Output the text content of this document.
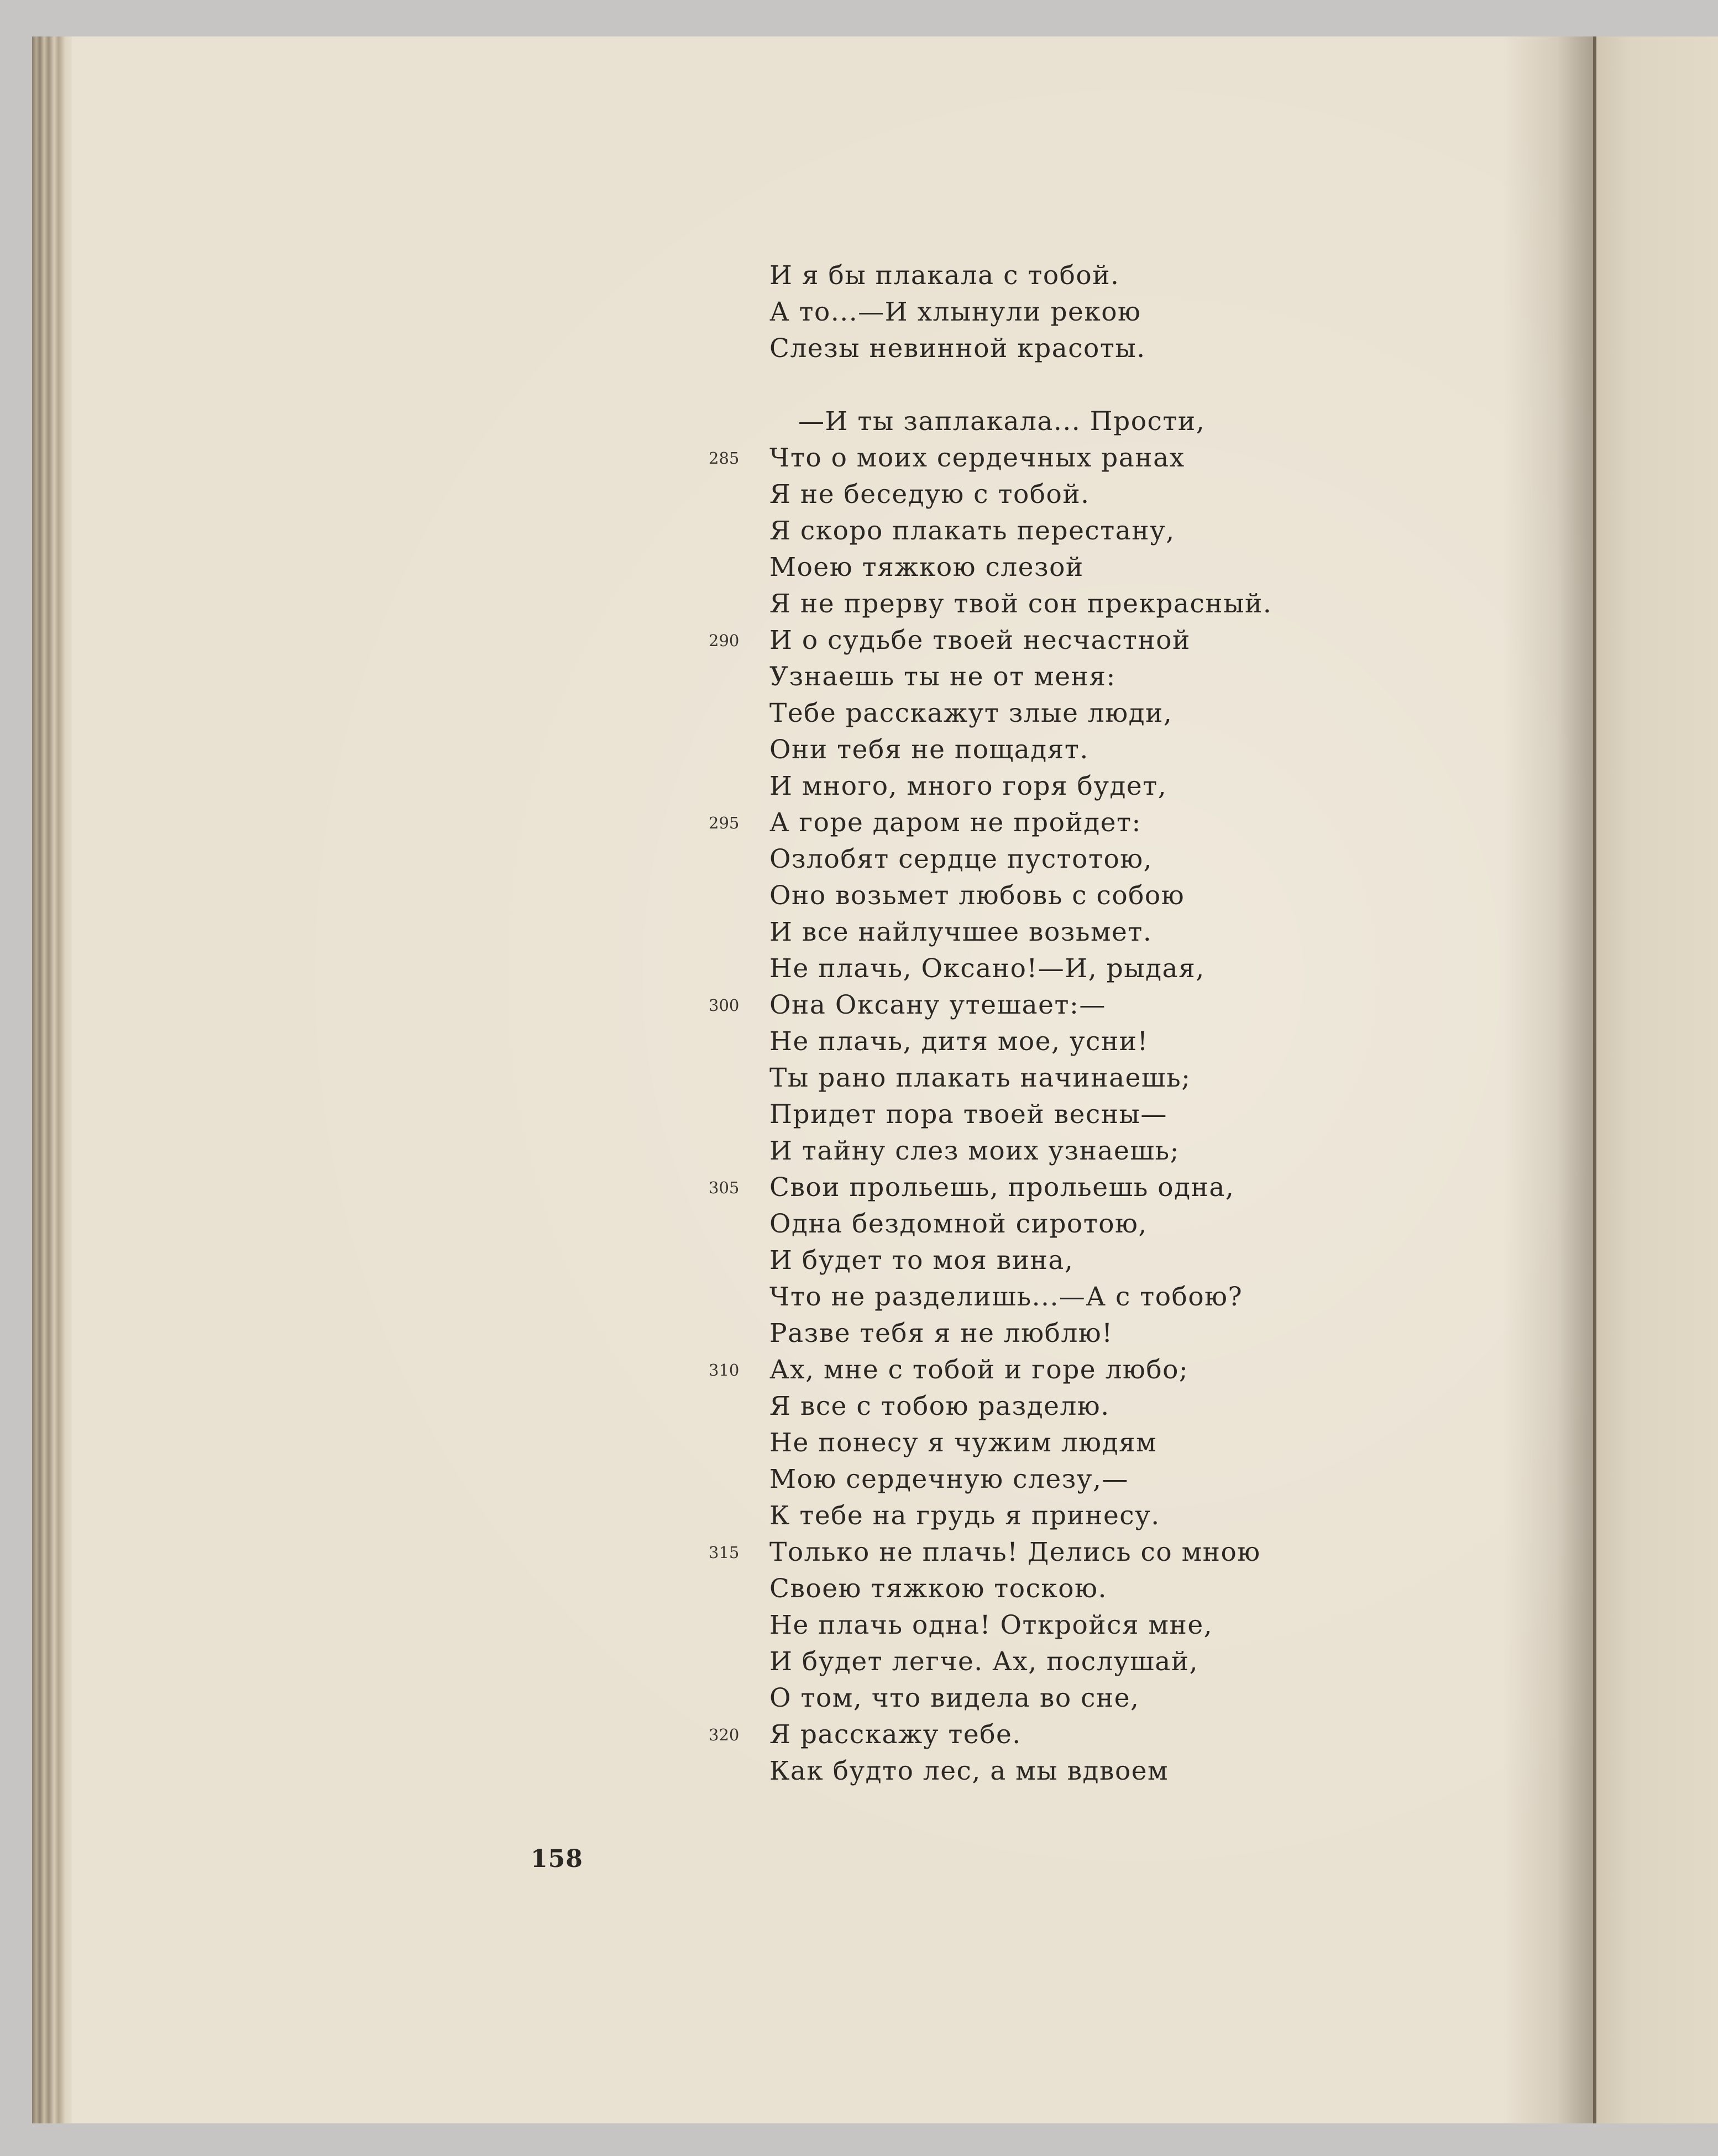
И я бы плакала с тобой.
А то...—И хлынули рекою
Слезы невинной красоты.
—И ты заплакала... Прости,
285	Что о моих сердечных ранах
Я не беседую с тобой.
Я скоро плакать перестану,
Моею тяжкою слезой
Я не прерву твой сон прекрасный.
290	И о судьбе твоей несчастной
Узнаешь ты не от меня:
Тебе расскажут злые люди,
Они тебя не пощадят.
И много, много горя будет,
295	А горе даром не пройдет:
Озлобят сердце пустотою,
Оно возьмет любовь с собою
И все найлучшее возьмет.
Не плачь, Оксано!—И, рыдая,
300	Она Оксану утешает:—
Не плачь, дитя мое, усни!
Ты рано плакать начинаешь;
Придет пора твоей весны—
И тайну слез моих узнаешь;
305	Свои прольешь, прольешь одна,
Одна бездомной сиротою,
И будет то моя вина,
Что не разделишь...—А с тобою?
Разве тебя я не люблю!
310	Ах, мне с тобой и горе любо;
Я все с тобою разделю.
Не понесу я чужим людям
Мою сердечную слезу,—
К тебе на грудь я принесу.
315	Только не плачь! Делись со мною
Своею тяжкою тоскою.
Не плачь одна! Откройся мне,
И будет легче. Ах, послушай,
О том, что видела во сне,
320	Я расскажу тебе.
Как будто лес, а мы вдвоем
158
